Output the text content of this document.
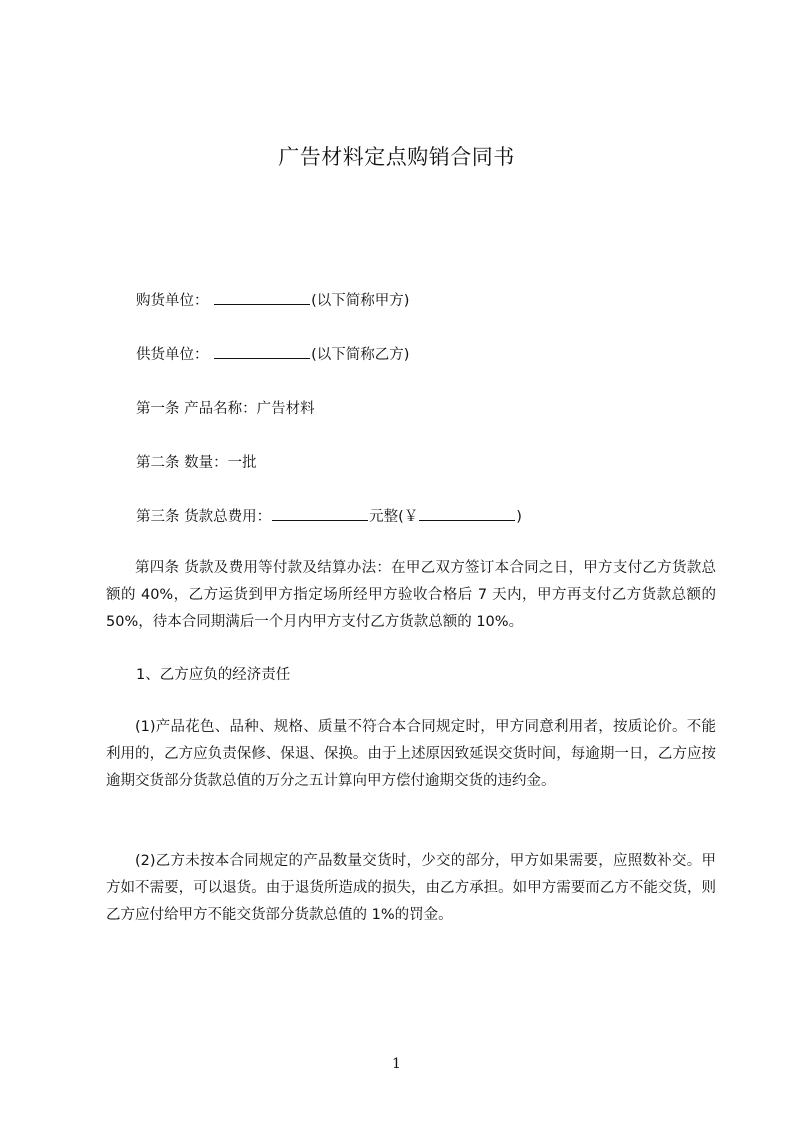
广告材料定点购销合同书
购货单位：	(以下简称甲方)
供货单位：	(以下简称乙方)
第一条 产品名称：广告材料
第二条 数量：一批
第三条 货款总费用：	元整(￥	)

第四条 货款及费用等付款及结算办法：在甲乙双方签订本合同之日，甲方支付乙方货款总额的 40%，乙方运货到甲方指定场所经甲方验收合格后 7 天内，甲方再支付乙方货款总额的 50%，待本合同期满后一个月内甲方支付乙方货款总额的 10%。

1、乙方应负的经济责任

(1)产品花色、品种、规格、质量不符合本合同规定时，甲方同意利用者，按质论价。不能利用的，乙方应负责保修、保退、保换。由于上述原因致延误交货时间，每逾期一日，乙方应按逾期交货部分货款总值的万分之五计算向甲方偿付逾期交货的违约金。

(2)乙方未按本合同规定的产品数量交货时，少交的部分，甲方如果需要，应照数补交。甲方如不需要，可以退货。由于退货所造成的损失，由乙方承担。如甲方需要而乙方不能交货，则乙方应付给甲方不能交货部分货款总值的 1%的罚金。

1
